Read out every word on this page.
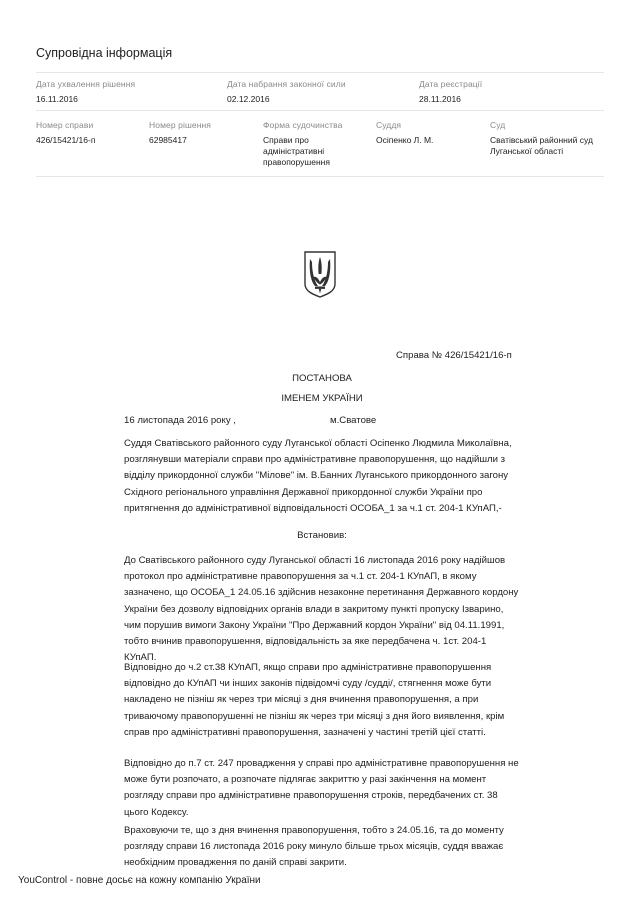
Супровідна інформація
Дата ухвалення рішення
16.11.2016
Дата набрання законної сили
02.12.2016
Дата реєстрації
28.11.2016
Номер справи
426/15421/16-п
Номер рішення
62985417
Форма судочинства
Справи про адміністративні правопорушення
Суддя
Осіпенко Л. М.
Суд
Сватівський районний суд Луганської області
Справа № 426/15421/16-п
ПОСТАНОВА
ІМЕНЕМ УКРАЇНИ
16 листопада 2016 року ,	м.Сватове
Суддя Сватівського районного суду Луганської області Осіпенко Людмила Миколаївна, розглянувши матеріали справи про адміністративне правопорушення, що надійшли з відділу прикордонної служби "Мілове" ім. В.Банних Луганського прикордонного загону Східного регіонального управління Державної прикордонної служби України про притягнення до адміністративної відповідальності ОСОБА_1 за ч.1 ст. 204-1 КУпАП,-
Встановив:
До Сватівського районного суду Луганської області 16 листопада 2016 року надійшов протокол про адміністративне правопорушення за ч.1 ст. 204-1 КУпАП, в якому зазначено, що ОСОБА_1 24.05.16 здійснив незаконне перетинання Державного кордону України без дозволу відповідних органів влади в закритому пункті пропуску Ізварино, чим порушив вимоги Закону України "Про Державний кордон України" від 04.11.1991, тобто вчинив правопорушення, відповідальність за яке передбачена ч. 1ст. 204-1 КУпАП.
Відповідно до ч.2 ст.38 КУпАП, якщо справи про адміністративне правопорушення відповідно до КУпАП чи інших законів підвідомчі суду /судді/, стягнення може бути накладено не пізніш як через три місяці з дня вчинення правопорушення, а при триваючому правопорушенні не пізніш як через три місяці з дня його виявлення, крім справ про адміністративні правопорушення, зазначені у частині третій цієї статті.
Відповідно до п.7 ст. 247 провадження у справі про адміністративне правопорушення не може бути розпочато, а розпочате підлягає закриттю у разі закінчення на момент розгляду справи про адміністративне правопорушення строків, передбачених ст. 38 цього Кодексу.
Враховуючи те, що з дня вчинення правопорушення, тобто з 24.05.16, та до моменту розгляду справи 16 листопада 2016 року минуло більше трьох місяців, суддя вважає необхідним провадження по даній справі закрити.
YouControl - повне досьє на кожну компанію України
